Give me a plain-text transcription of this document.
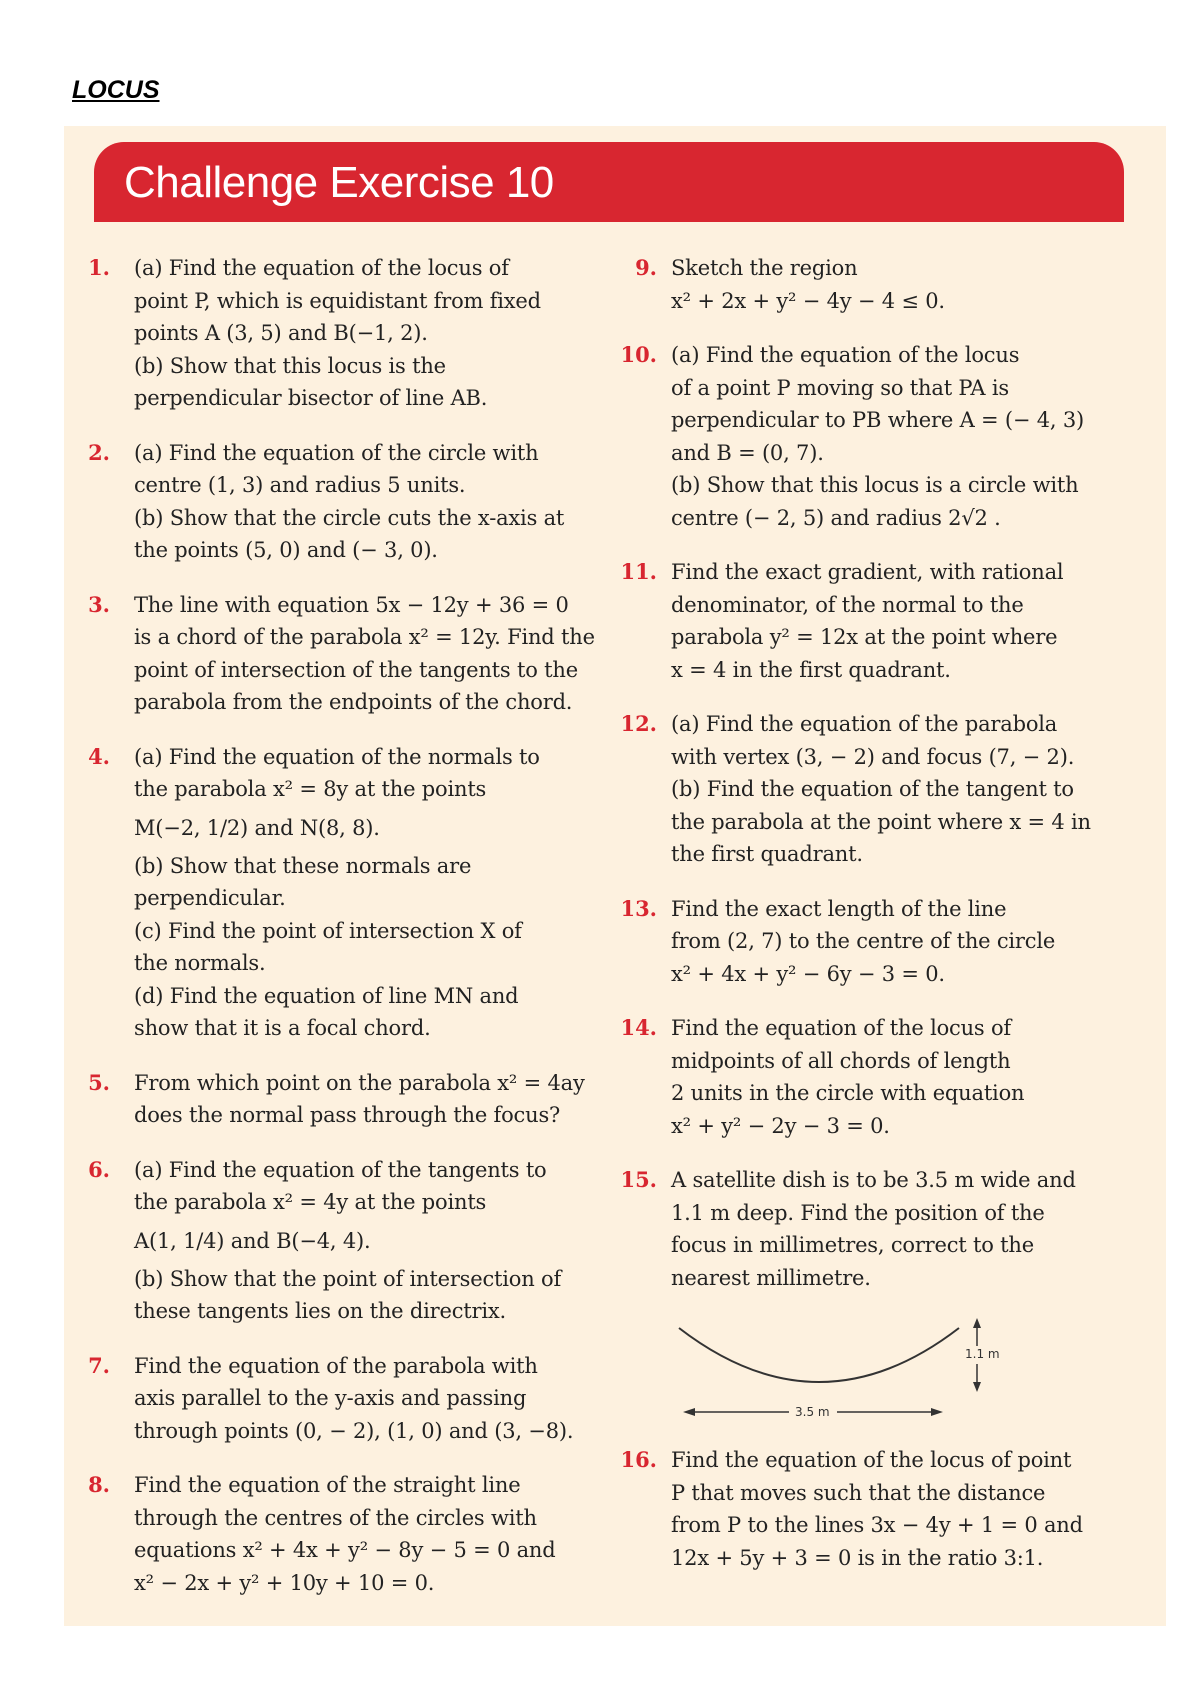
LOCUS
Challenge Exercise 10
1.	(a) Find the equation of the locus of
point P, which is equidistant from fixed
points A (3, 5) and B(−1, 2).
(b) Show that this locus is the
perpendicular bisector of line AB.
2.	(a) Find the equation of the circle with
centre (1, 3) and radius 5 units.
(b) Show that the circle cuts the x-axis at
the points (5, 0) and (− 3, 0).
3.	The line with equation 5x − 12y + 36 = 0
is a chord of the parabola x² = 12y. Find the
point of intersection of the tangents to the
parabola from the endpoints of the chord.
4.	(a) Find the equation of the normals to
the parabola x² = 8y at the points
M(−2, 1/2) and N(8, 8).
(b) Show that these normals are
perpendicular.
(c) Find the point of intersection X of
the normals.
(d) Find the equation of line MN and
show that it is a focal chord.
5.	From which point on the parabola x² = 4ay
does the normal pass through the focus?
6.	(a) Find the equation of the tangents to
the parabola x² = 4y at the points
A(1, 1/4) and B(−4, 4).
(b) Show that the point of intersection of
these tangents lies on the directrix.
7.	Find the equation of the parabola with
axis parallel to the y-axis and passing
through points (0, − 2), (1, 0) and (3, −8).
8.	Find the equation of the straight line
through the centres of the circles with
equations x² + 4x + y² − 8y − 5 = 0 and
x² − 2x + y² + 10y + 10 = 0.
9. Sketch the region
x² + 2x + y² − 4y − 4 ≤ 0.
10. (a) Find the equation of the locus
of a point P moving so that PA is
perpendicular to PB where A = (− 4, 3)
and B = (0, 7).
(b) Show that this locus is a circle with
centre (− 2, 5) and radius 2√2 .
11. Find the exact gradient, with rational
denominator, of the normal to the
parabola y² = 12x at the point where
x = 4 in the first quadrant.
12. (a) Find the equation of the parabola
with vertex (3, − 2) and focus (7, − 2).
(b) Find the equation of the tangent to
the parabola at the point where x = 4 in
the first quadrant.
13. Find the exact length of the line
from (2, 7) to the centre of the circle
x² + 4x + y² − 6y − 3 = 0.
14. Find the equation of the locus of
midpoints of all chords of length
2 units in the circle with equation
x² + y² − 2y − 3 = 0.
15. A satellite dish is to be 3.5 m wide and
1.1 m deep. Find the position of the
focus in millimetres, correct to the
nearest millimetre.
3.5 m
1.1 m
16. Find the equation of the locus of point
P that moves such that the distance
from P to the lines 3x − 4y + 1 = 0 and
12x + 5y + 3 = 0 is in the ratio 3:1.
